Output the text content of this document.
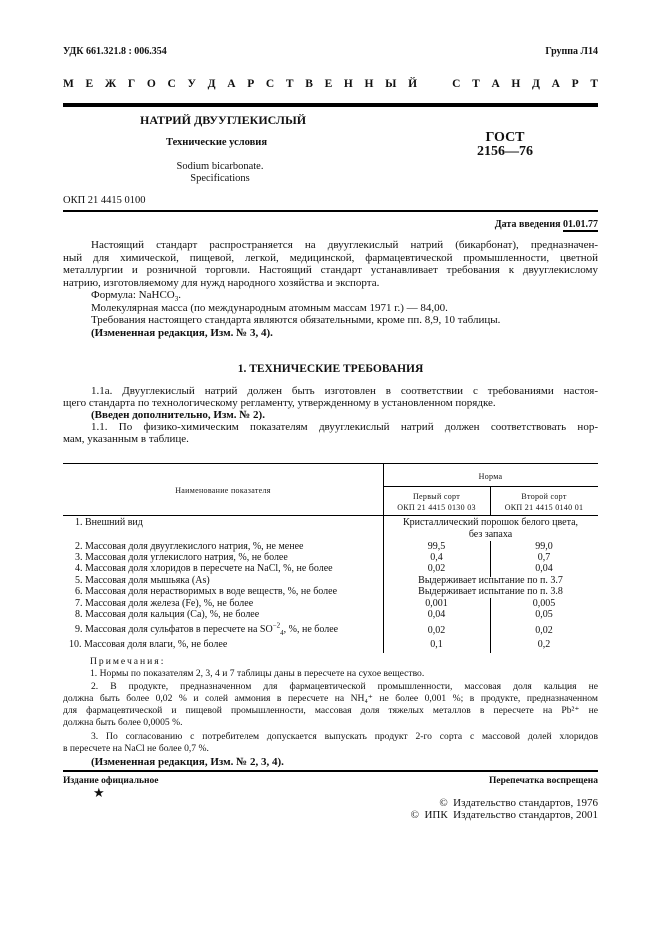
УДК 661.321.8 : 006.354	Группа Л14
М Е Ж Г О С У Д А Р С Т В Е Н Н Ы Й   С Т А Н Д А Р Т
НАТРИЙ ДВУУГЛЕКИСЛЫЙ
Технические условия
Sodium bicarbonate.
Specifications
ГОСТ
2156—76
ОКП 21 4415 0100
Дата введения 01.01.77
Настоящий стандарт распространяется на двууглекислый натрий (бикарбонат), предназначен-
ный для химической, пищевой, легкой, медицинской, фармацевтической промышленности, цветной
металлургии и розничной торговли. Настоящий стандарт устанавливает требования к двууглекислому
натрию, изготовляемому для нужд народного хозяйства и экспорта.
Формула: NaHCO$_3$.
Молекулярная масса (по международным атомным массам 1971 г.) — 84,00.
Требования настоящего стандарта являются обязательными, кроме пп. 8,9, 10 таблицы.
(Измененная редакция, Изм. № 3, 4).
1. ТЕХНИЧЕСКИЕ ТРЕБОВАНИЯ
1.1а. Двууглекислый натрий должен быть изготовлен в соответствии с требованиями настоя-
щего стандарта по технологическому регламенту, утвержденному в установленном порядке.
(Введен дополнительно, Изм. № 2).
1.1. По физико-химическим показателям двууглекислый натрий должен соответствовать нор-
мам, указанным в таблице.
Наименование показателя
Норма
Первый сорт
ОКП 21 4415 0130 03
Второй сорт
ОКП 21 4415 0140 01
1. Внешний вид	Кристаллический порошок белого цвета,
без запаха
2. Массовая доля двууглекислого натрия, %, не менее	99,5	99,0
3. Массовая доля углекислого натрия, %, не более	0,4	0,7
4. Массовая доля хлоридов в пересчете на NaCl, %, не более	0,02	0,04
5. Массовая доля мышьяка (As)	Выдерживает испытание по п. 3.7
6. Массовая доля нерастворимых в воде веществ, %, не более	Выдерживает испытание по п. 3.8
7. Массовая доля железа (Fe), %, не более	0,001	0,005
8. Массовая доля кальция (Ca), %, не более	0,04	0,05
9. Массовая доля сульфатов в пересчете на $SO^{-2}_4$, %, не более	0,02	0,02
10. Массовая доля влаги, %, не более	0,1	0,2
Примечания:
1. Нормы по показателям 2, 3, 4 и 7 таблицы даны в пересчете на сухое вещество.
2. В продукте, предназначенном для фармацевтической промышленности, массовая доля кальция не
должна быть более 0,02 % и солей аммония в пересчете на NH₄⁺ не более 0,001 %; в продукте, предназначенном
для фармацевтической и пищевой промышленности, массовая доля тяжелых металлов в пересчете на Pb²⁺ не
должна быть более 0,0005 %.
3. По согласованию с потребителем допускается выпускать продукт 2-го сорта с массовой долей хлоридов
в пересчете на NaCl не более 0,7 %.
(Измененная редакция, Изм. № 2, 3, 4).
Издание официальное	Перепечатка воспрещена
★
©  Издательство стандартов, 1976
©  ИПК  Издательство стандартов, 2001
